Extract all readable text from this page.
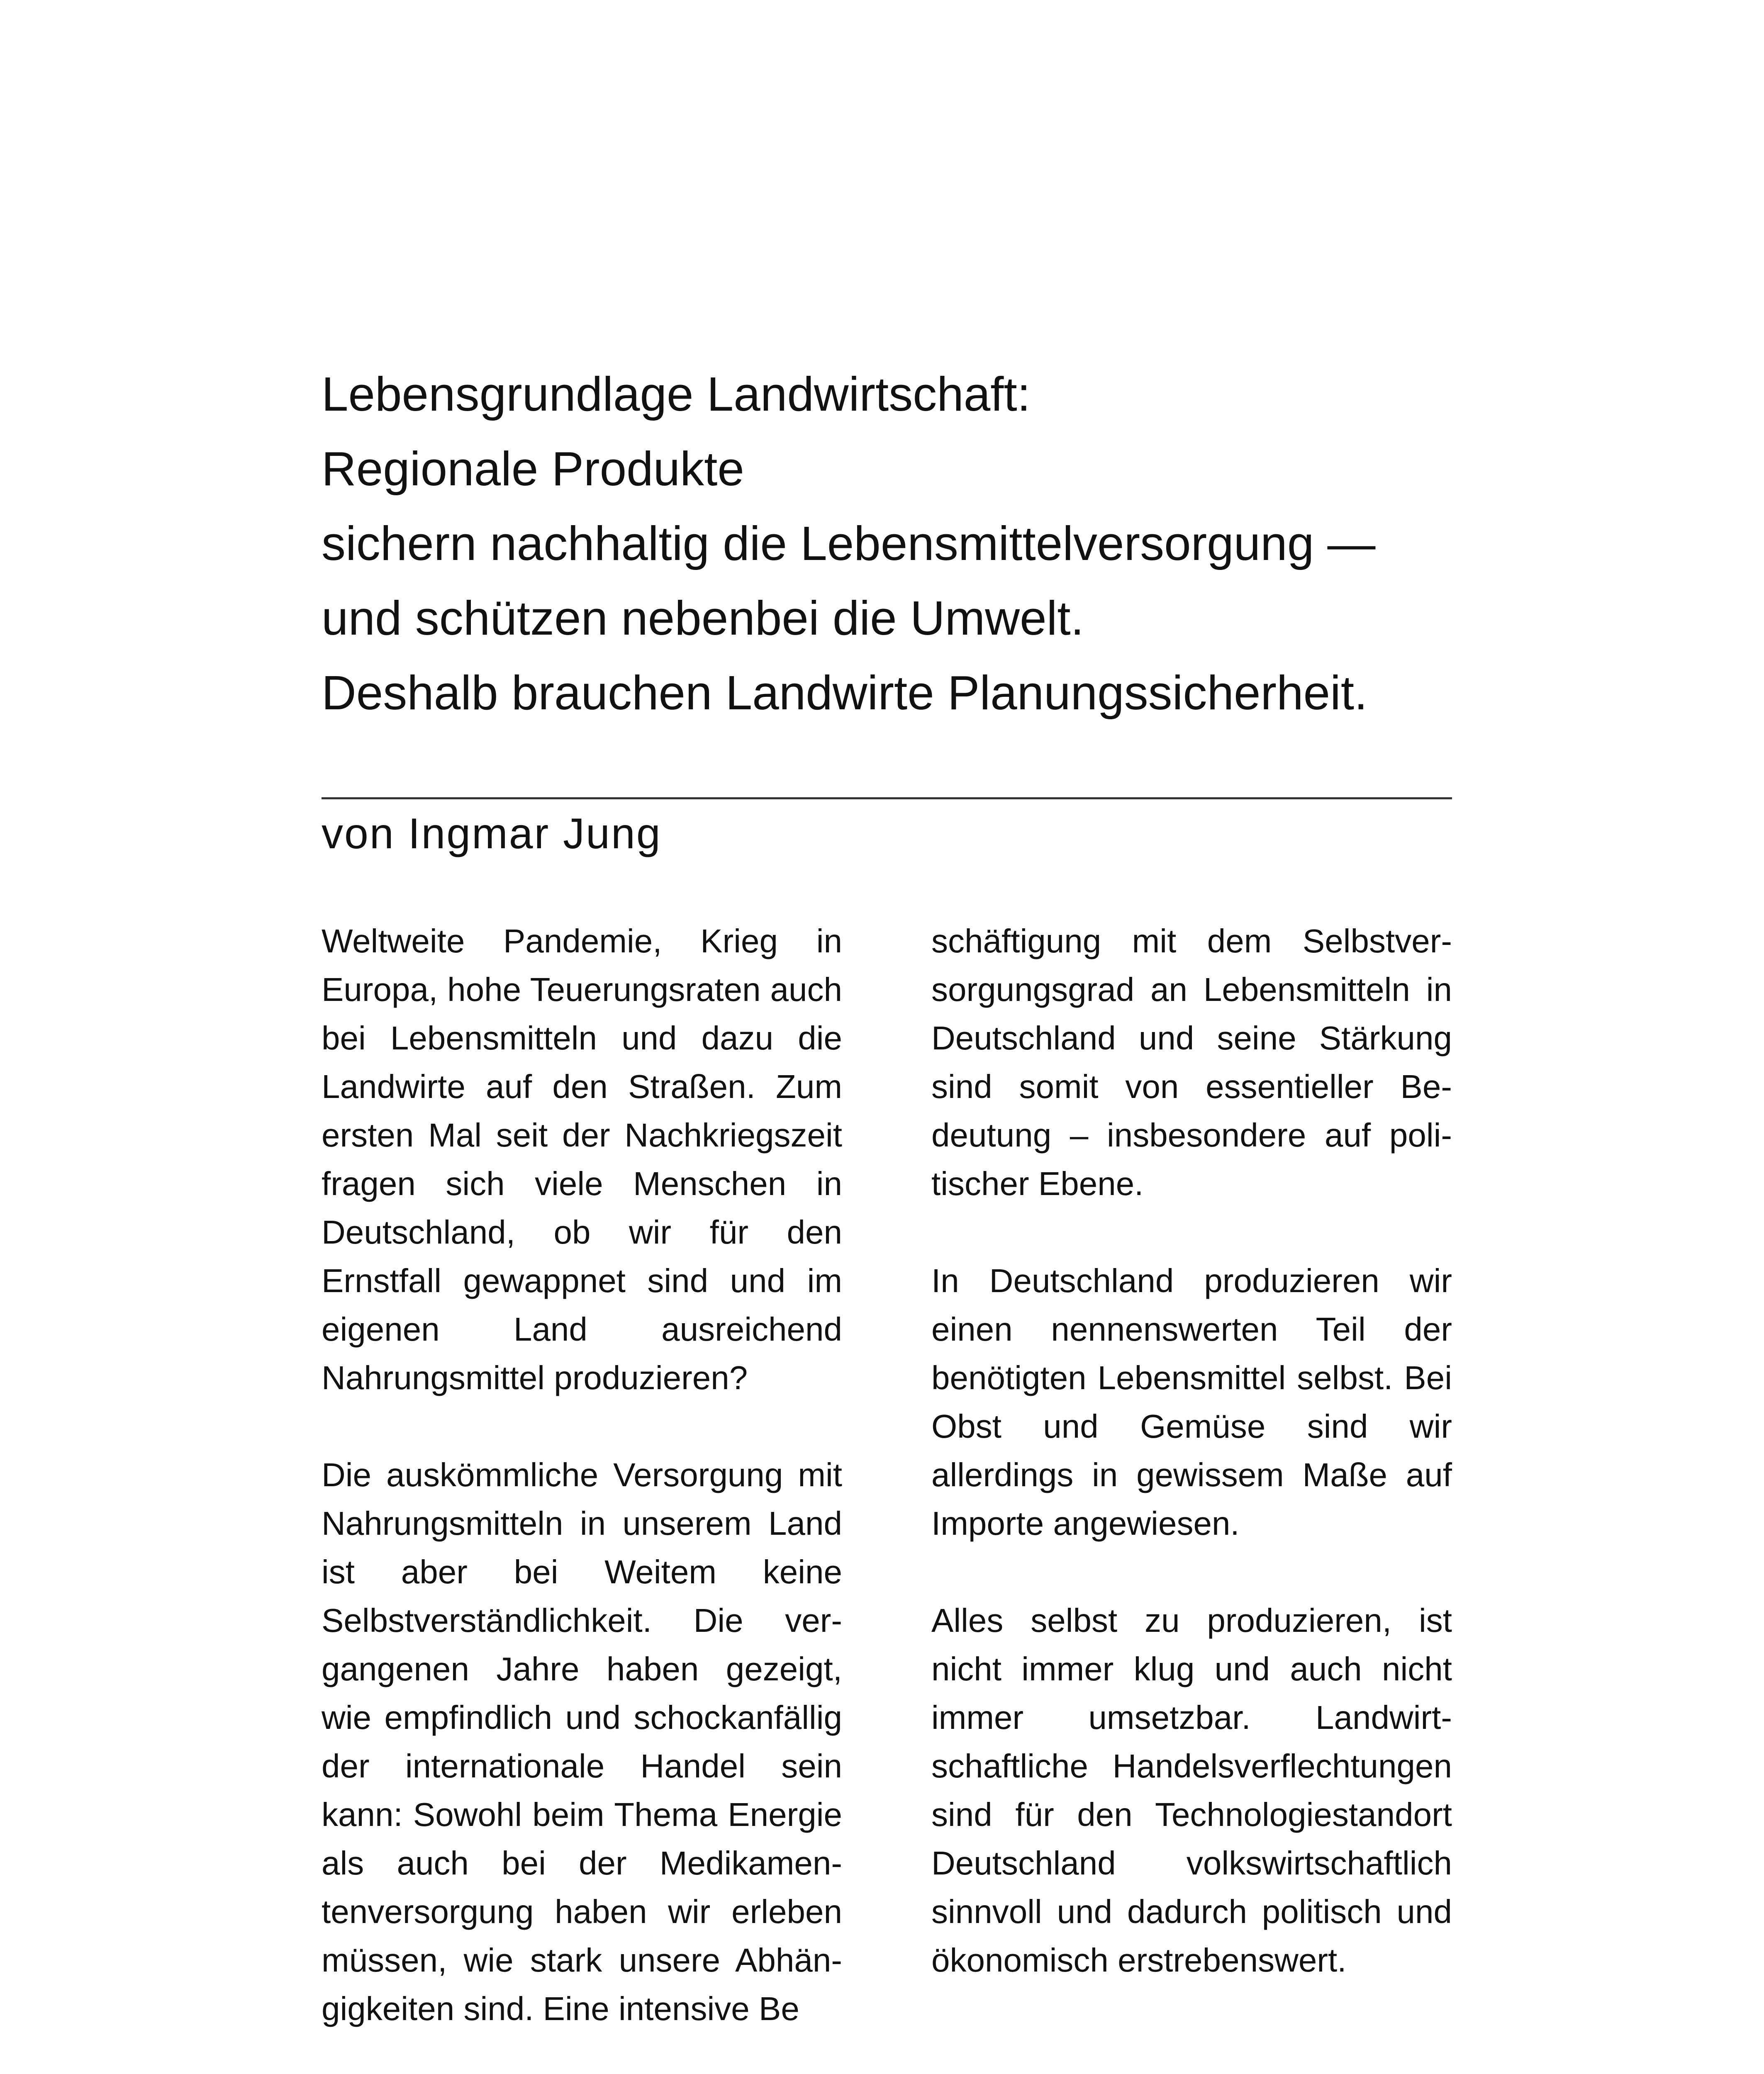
Lebensgrundlage Landwirtschaft:
Regionale Produkte
sichern nachhaltig die Lebensmittelversorgung —
und schützen nebenbei die Umwelt.
Deshalb brauchen Landwirte Planungssicherheit.
von Ingmar Jung

Weltweite Pandemie, Krieg in Europa, hohe Teuerungsraten auch bei Lebensmitteln und dazu die Landwirte auf den Straßen. Zum ersten Mal seit der Nachkriegszeit fragen sich viele Menschen in Deutschland, ob wir für den Ernstfall gewappnet sind und im eigenen Land ausreichend Nahrungsmittel produzieren?

Die auskömmliche Versorgung mit Nahrungsmitteln in unserem Land ist aber bei Weitem keine Selbstverständlichkeit. Die vergangenen Jahre haben gezeigt, wie empfindlich und schockanfällig der internationale Handel sein kann: Sowohl beim Thema Energie als auch bei der Medikamentenversorgung haben wir erleben müssen, wie stark unsere Abhängigkeiten sind. Eine intensive Be

schäftigung mit dem Selbstversorgungsgrad an Lebensmitteln in Deutschland und seine Stärkung sind somit von essentieller Bedeutung – insbesondere auf politischer Ebene.

In Deutschland produzieren wir einen nennenswerten Teil der benötigten Lebensmittel selbst. Bei Obst und Gemüse sind wir allerdings in gewissem Maße auf Importe angewiesen.

Alles selbst zu produzieren, ist nicht immer klug und auch nicht immer umsetzbar. Landwirtschaftliche Handelsverflechtungen sind für den Technologiestandort Deutschland volkswirtschaftlich sinnvoll und dadurch politisch und ökonomisch erstrebenswert.
